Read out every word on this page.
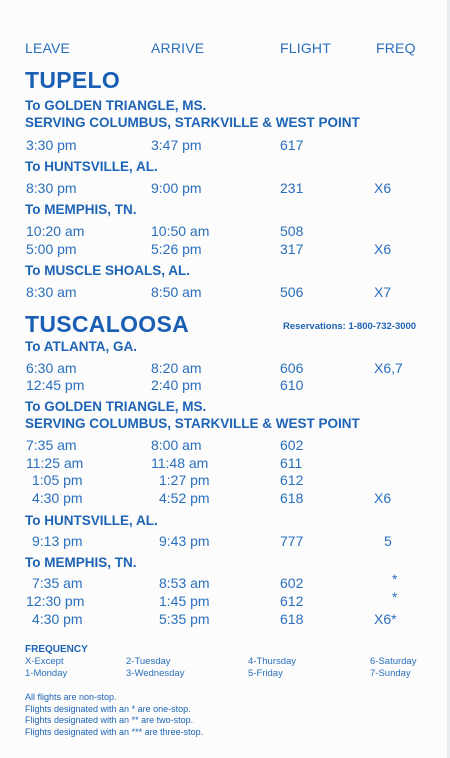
LEAVE	ARRIVE	FLIGHT	FREQ
TUPELO
To GOLDEN TRIANGLE, MS.
SERVING COLUMBUS, STARKVILLE & WEST POINT
3:30 pm	3:47 pm	617
To HUNTSVILLE, AL.
8:30 pm	9:00 pm	231	X6
To MEMPHIS, TN.
10:20 am	10:50 am	508
5:00 pm	5:26 pm	317	X6
To MUSCLE SHOALS, AL.
8:30 am	8:50 am	506	X7
TUSCALOOSA	Reservations: 1-800-732-3000
To ATLANTA, GA.
6:30 am	8:20 am	606	X6,7
12:45 pm	2:40 pm	610
To GOLDEN TRIANGLE, MS.
SERVING COLUMBUS, STARKVILLE & WEST POINT
7:35 am	8:00 am	602
11:25 am	11:48 am	611
1:05 pm	1:27 pm	612
4:30 pm	4:52 pm	618	X6
To HUNTSVILLE, AL.
9:13 pm	9:43 pm	777	5
To MEMPHIS, TN.
7:35 am	8:53 am	602	*
12:30 pm	1:45 pm	612	*
4:30 pm	5:35 pm	618	X6*
FREQUENCY
X-Except
1-Monday
2-Tuesday
3-Wednesday
4-Thursday
5-Friday
6-Saturday
7-Sunday
All flights are non-stop.
Flights designated with an * are one-stop.
Flights designated with an ** are two-stop.
Flights designated with an *** are three-stop.
